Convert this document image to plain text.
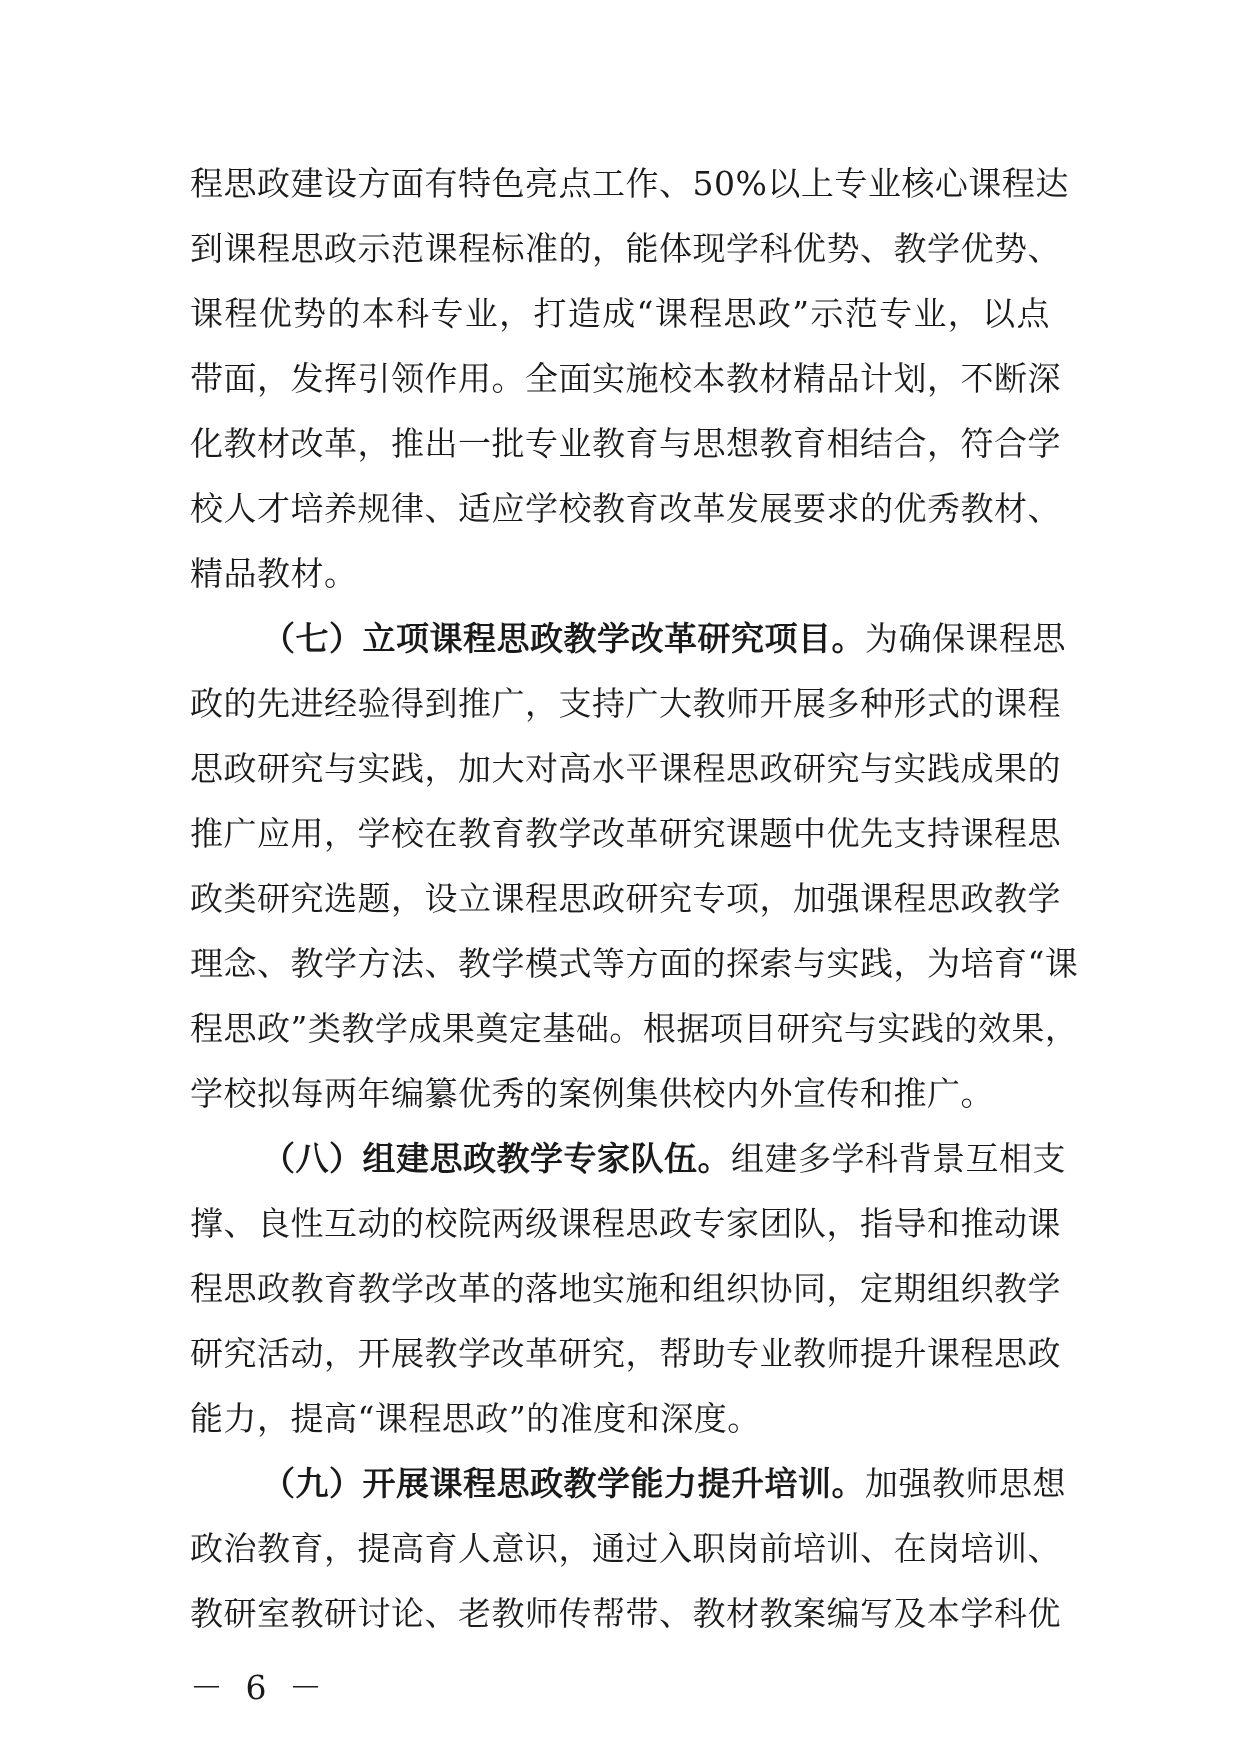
程思政建设方面有特色亮点工作、50%以上专业核心课程达
到课程思政示范课程标准的，能体现学科优势、教学优势、
课程优势的本科专业，打造成“课程思政”示范专业，以点
带面，发挥引领作用。全面实施校本教材精品计划，不断深
化教材改革，推出一批专业教育与思想教育相结合，符合学
校人才培养规律、适应学校教育改革发展要求的优秀教材、
精品教材。
（七）立项课程思政教学改革研究项目。为确保课程思
政的先进经验得到推广，支持广大教师开展多种形式的课程
思政研究与实践，加大对高水平课程思政研究与实践成果的
推广应用，学校在教育教学改革研究课题中优先支持课程思
政类研究选题，设立课程思政研究专项，加强课程思政教学
理念、教学方法、教学模式等方面的探索与实践，为培育“课
程思政”类教学成果奠定基础。根据项目研究与实践的效果，
学校拟每两年编纂优秀的案例集供校内外宣传和推广。
（八）组建思政教学专家队伍。组建多学科背景互相支
撑、良性互动的校院两级课程思政专家团队，指导和推动课
程思政教育教学改革的落地实施和组织协同，定期组织教学
研究活动，开展教学改革研究，帮助专业教师提升课程思政
能力，提高“课程思政”的准度和深度。
（九）开展课程思政教学能力提升培训。加强教师思想
政治教育，提高育人意识，通过入职岗前培训、在岗培训、
教研室教研讨论、老教师传帮带、教材教案编写及本学科优
－ 6 －
